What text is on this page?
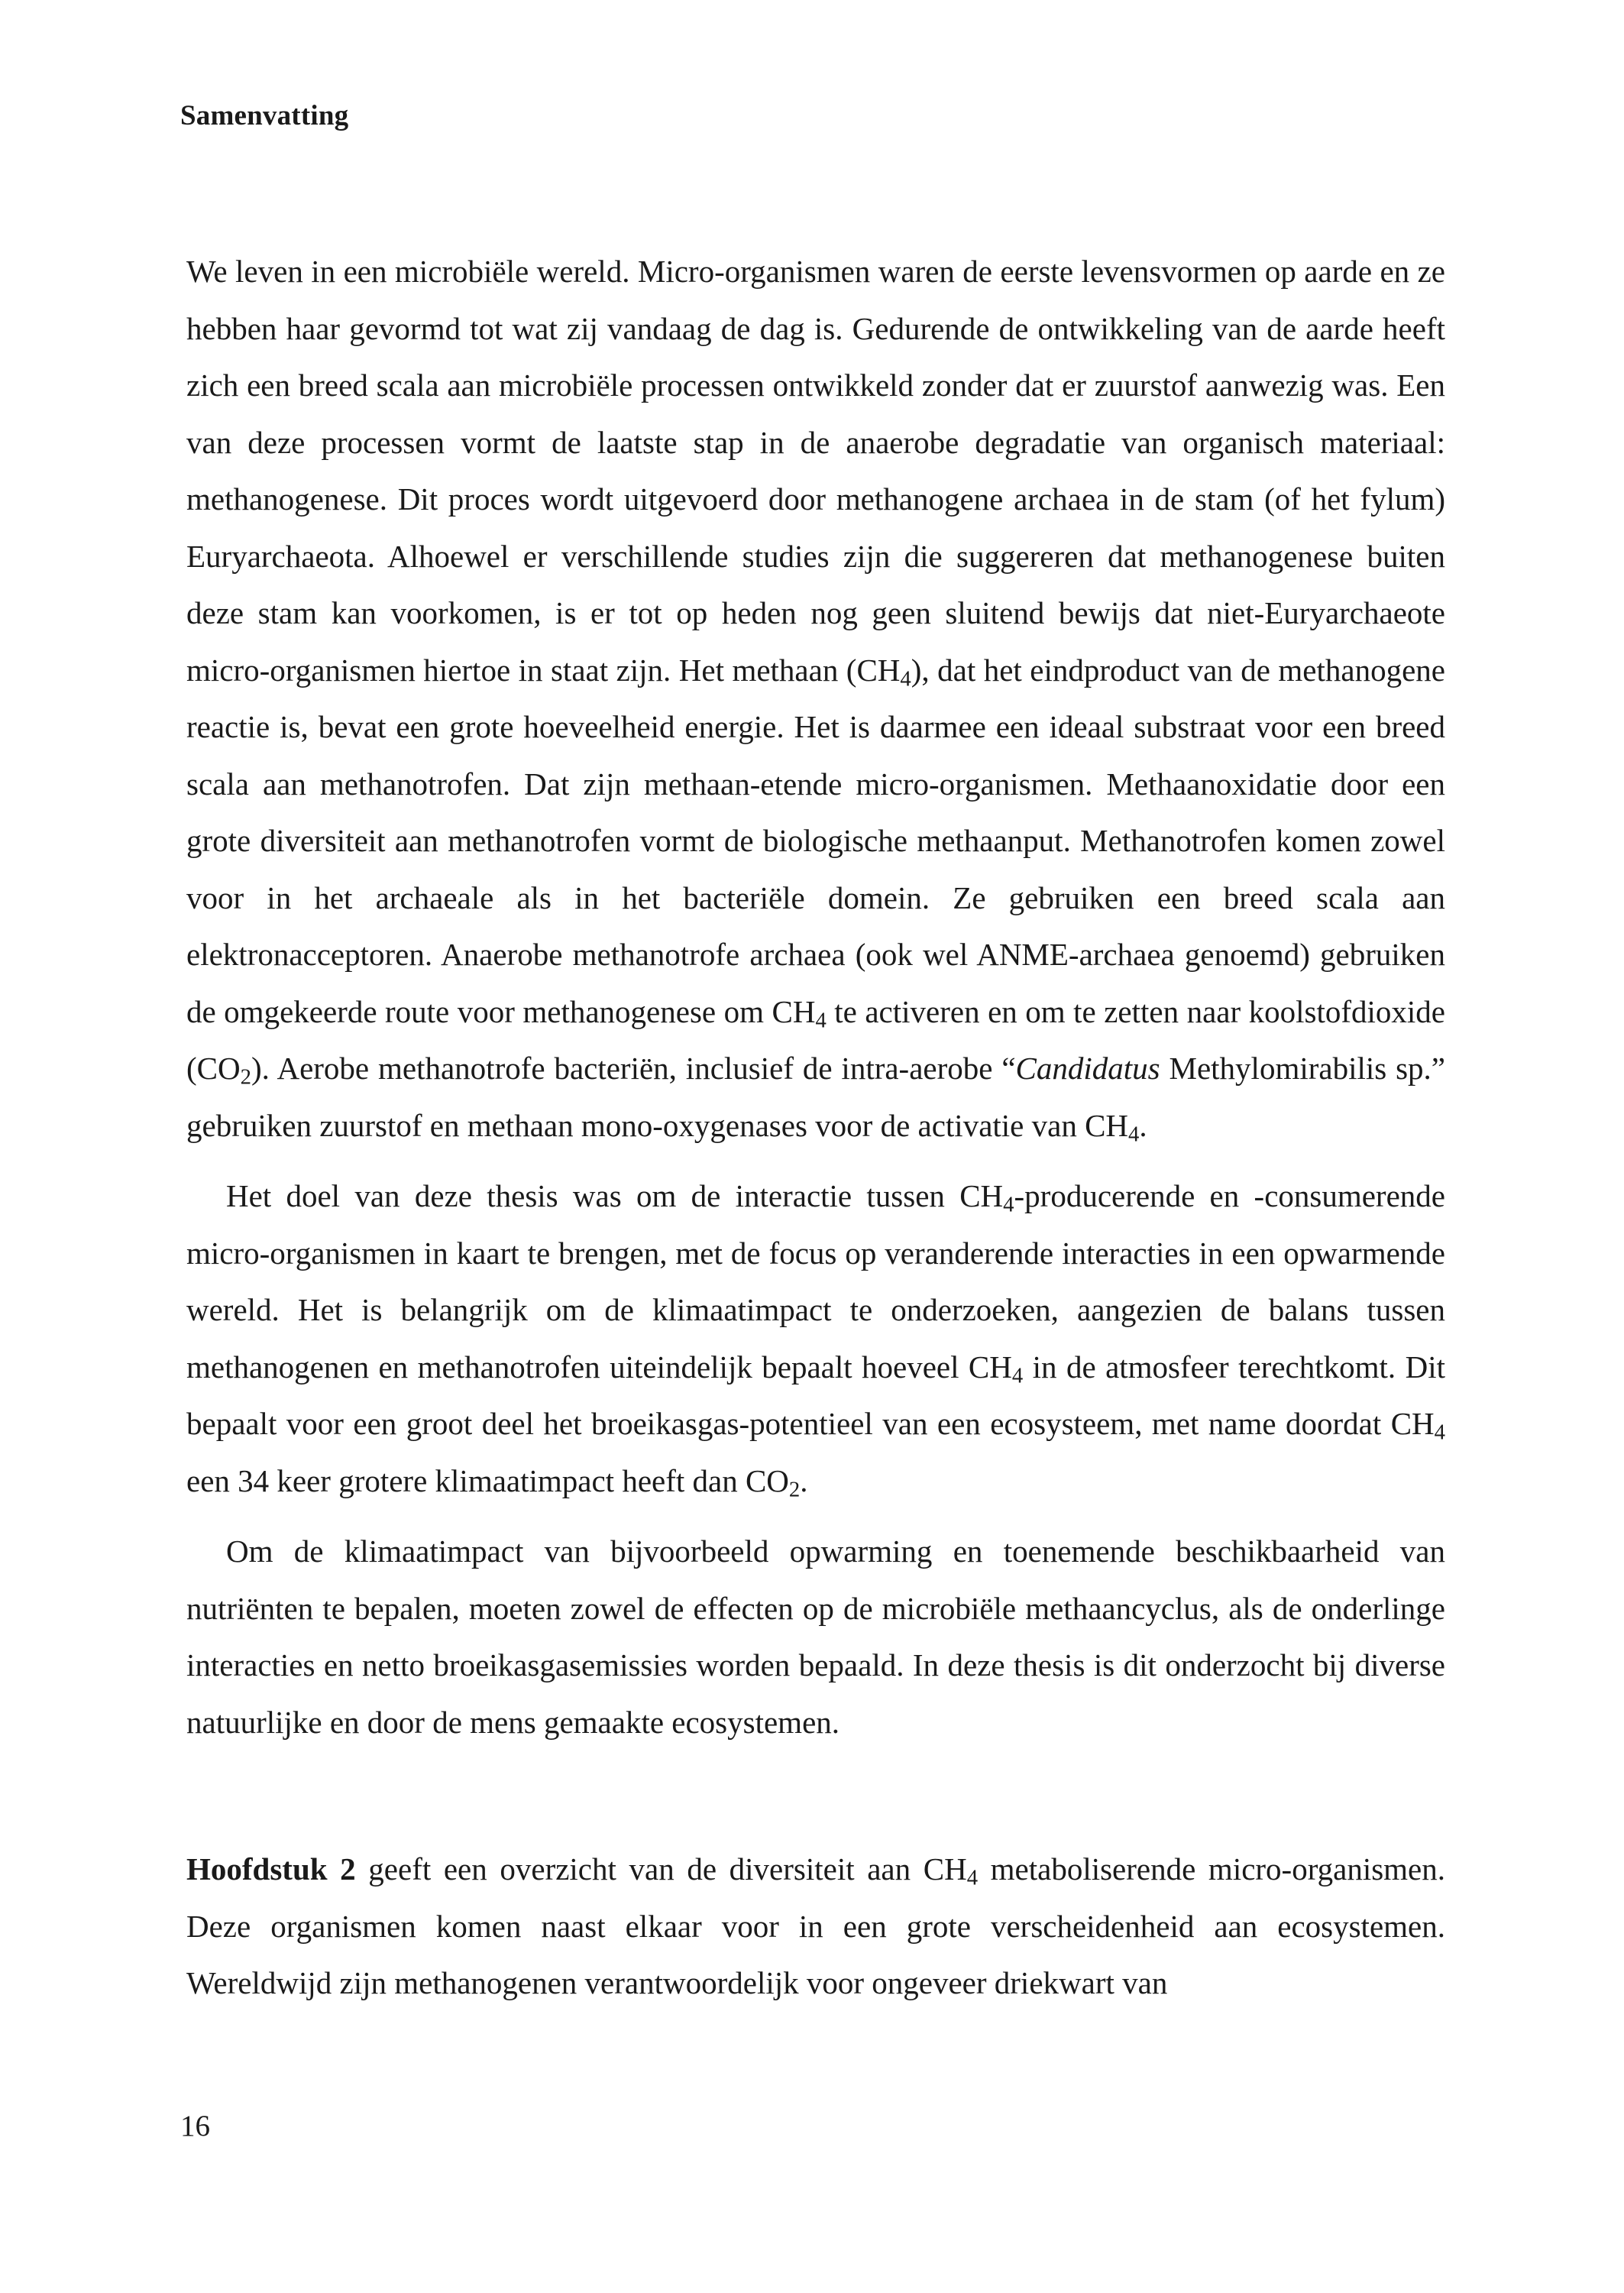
Samenvatting

We leven in een microbiële wereld. Micro-organismen waren de eerste levensvormen op aarde en ze hebben haar gevormd tot wat zij vandaag de dag is. Gedurende de ontwikkeling van de aarde heeft zich een breed scala aan microbiële processen ontwikkeld zonder dat er zuurstof aanwezig was. Een van deze processen vormt de laatste stap in de anaerobe degradatie van organisch materiaal: methanogenese. Dit proces wordt uitgevoerd door methanogene archaea in de stam (of het fylum) Euryarchaeota. Alhoewel er verschillende studies zijn die suggereren dat methanogenese buiten deze stam kan voorkomen, is er tot op heden nog geen sluitend bewijs dat niet-Euryarchaeote micro-organismen hiertoe in staat zijn. Het methaan $(CH_4)$, dat het eindproduct van de methanogene reactie is, bevat een grote hoeveelheid energie. Het is daarmee een ideaal substraat voor een breed scala aan methanotrofen. Dat zijn methaan-etende micro-organismen. Methaanoxidatie door een grote diversiteit aan methanotrofen vormt de biologische methaanput. Methanotrofen komen zowel voor in het archaeale als in het bacteriële domein. Ze gebruiken een breed scala aan elektronacceptoren. Anaerobe methanotrofe archaea (ook wel ANME-archaea genoemd) gebruiken de omgekeerde route voor methanogenese om $CH_4$ te activeren en om te zetten naar koolstofdioxide $(CO_2)$. Aerobe methanotrofe bacteriën, inclusief de intra-aerobe “Candidatus Methylomirabilis sp.” gebruiken zuurstof en methaan mono-oxygenases voor de activatie van $CH_4$.

Het doel van deze thesis was om de interactie tussen $CH_4$-producerende en -consumerende micro-organismen in kaart te brengen, met de focus op veranderende interacties in een opwarmende wereld. Het is belangrijk om de klimaatimpact te onderzoeken, aangezien de balans tussen methanogenen en methanotrofen uiteindelijk bepaalt hoeveel $CH_4$ in de atmosfeer terechtkomt. Dit bepaalt voor een groot deel het broeikasgas-potentieel van een ecosysteem, met name doordat $CH_4$ een 34 keer grotere klimaatimpact heeft dan $CO_2$.

Om de klimaatimpact van bijvoorbeeld opwarming en toenemende beschikbaarheid van nutriënten te bepalen, moeten zowel de effecten op de microbiële methaancyclus, als de onderlinge interacties en netto broeikasgasemissies worden bepaald. In deze thesis is dit onderzocht bij diverse natuurlijke en door de mens gemaakte ecosystemen.

Hoofdstuk 2 geeft een overzicht van de diversiteit aan $CH_4$ metaboliserende micro-organismen. Deze organismen komen naast elkaar voor in een grote verscheidenheid aan ecosystemen. Wereldwijd zijn methanogenen verantwoordelijk voor ongeveer driekwart van

16
